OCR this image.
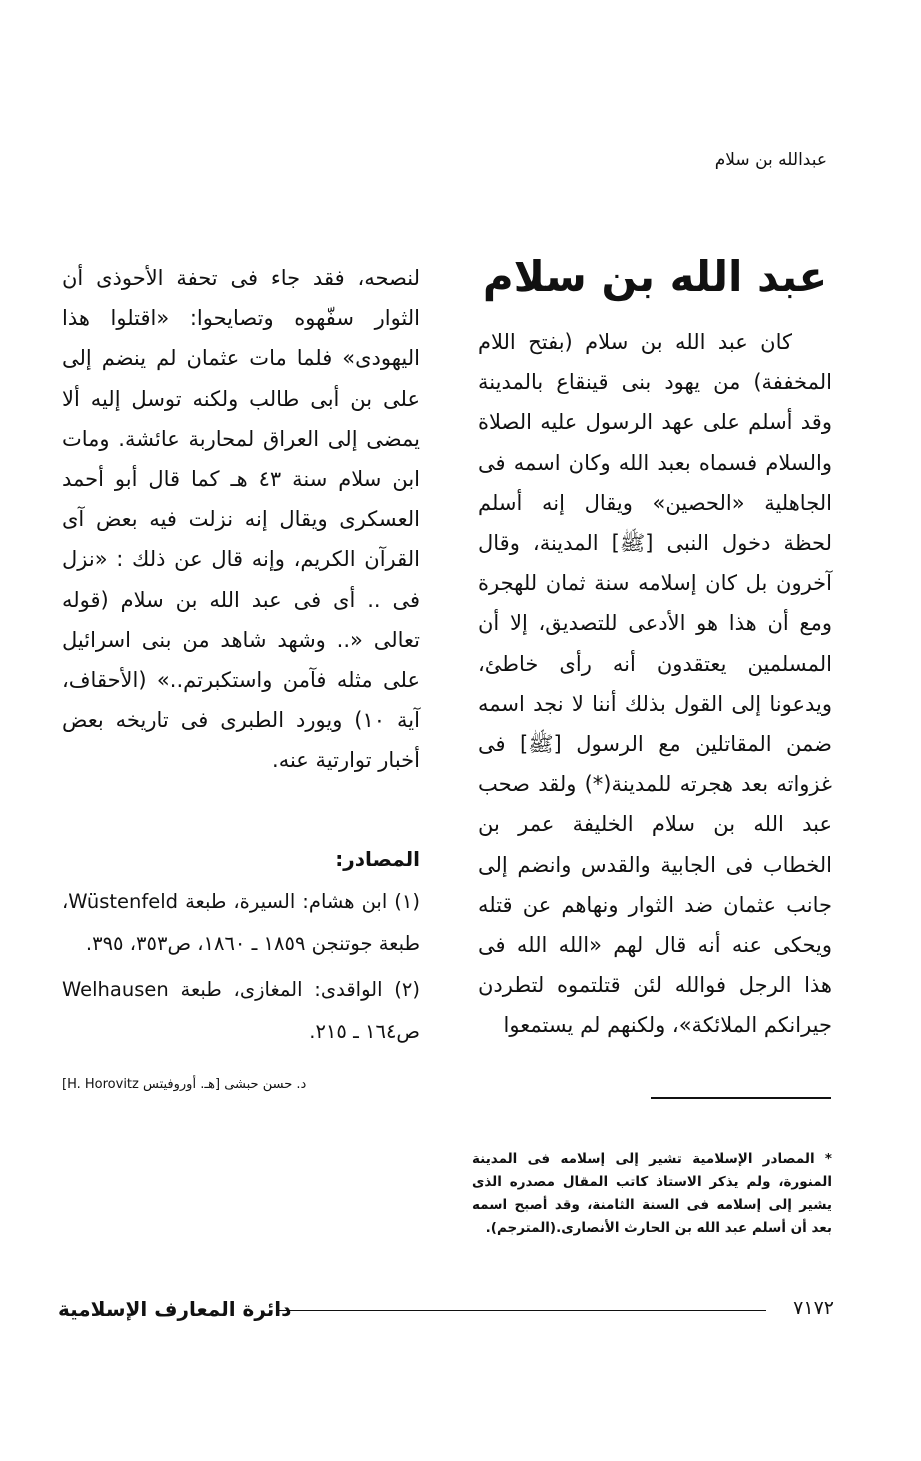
عبدالله بن سلام
عبد الله بن سلام

كان عبد الله بن سلام (بفتح اللام المخففة) من يهود بنى قينقاع بالمدينة وقد أسلم على عهد الرسول عليه الصلاة والسلام فسماه بعبد الله وكان اسمه فى الجاهلية «الحصين» ويقال إنه أسلم لحظة دخول النبى [ﷺ] المدينة، وقال آخرون بل كان إسلامه سنة ثمان للهجرة ومع أن هذا هو الأدعى للتصديق، إلا أن المسلمين يعتقدون أنه رأى خاطئ، ويدعونا إلى القول بذلك أننا لا نجد اسمه ضمن المقاتلين مع الرسول [ﷺ] فى غزواته بعد هجرته للمدينة(*) ولقد صحب عبد الله بن سلام الخليفة عمر بن الخطاب فى الجابية والقدس وانضم إلى جانب عثمان ضد الثوار ونهاهم عن قتله ويحكى عنه أنه قال لهم «الله الله فى هذا الرجل فوالله لئن قتلتموه لتطردن جيرانكم الملائكة»، ولكنهم لم يستمعوا

لنصحه، فقد جاء فى تحفة الأحوذى أن الثوار سفّهوه وتصايحوا: «اقتلوا هذا اليهودى» فلما مات عثمان لم ينضم إلى على بن أبى طالب ولكنه توسل إليه ألا يمضى إلى العراق لمحاربة عائشة. ومات ابن سلام سنة ٤٣ هـ كما قال أبو أحمد العسكرى ويقال إنه نزلت فيه بعض آى القرآن الكريم، وإنه قال عن ذلك : «نزل فى .. أى فى عبد الله بن سلام (قوله تعالى «.. وشهد شاهد من بنى اسرائيل على مثله فآمن واستكبرتم..» (الأحقاف، آية ١٠) ويورد الطبرى فى تاريخه بعض أخبار توارتية عنه.

المصادر:

(١) ابن هشام: السيرة، طبعة Wüstenfeld، طبعة جوتنجن ١٨٥٩ ـ ١٨٦٠، ص٣٥٣، ٣٩٥.

(٢) الواقدى: المغازى، طبعة Welhausen ص١٦٤ ـ ٢١٥.

د. حسن حبشى [هـ. أوروفيتس H. Horovitz]
* المصادر الإسلامية تشير إلى إسلامه فى المدينة المنورة، ولم يذكر الاستاذ كاتب المقال مصدره الذى يشير إلى إسلامه فى السنة الثامنة، وقد أصبح اسمه بعد أن أسلم عبد الله بن الحارث الأنصارى.(المترجم).
٧١٧٢
دائرة المعارف الإسلامية
